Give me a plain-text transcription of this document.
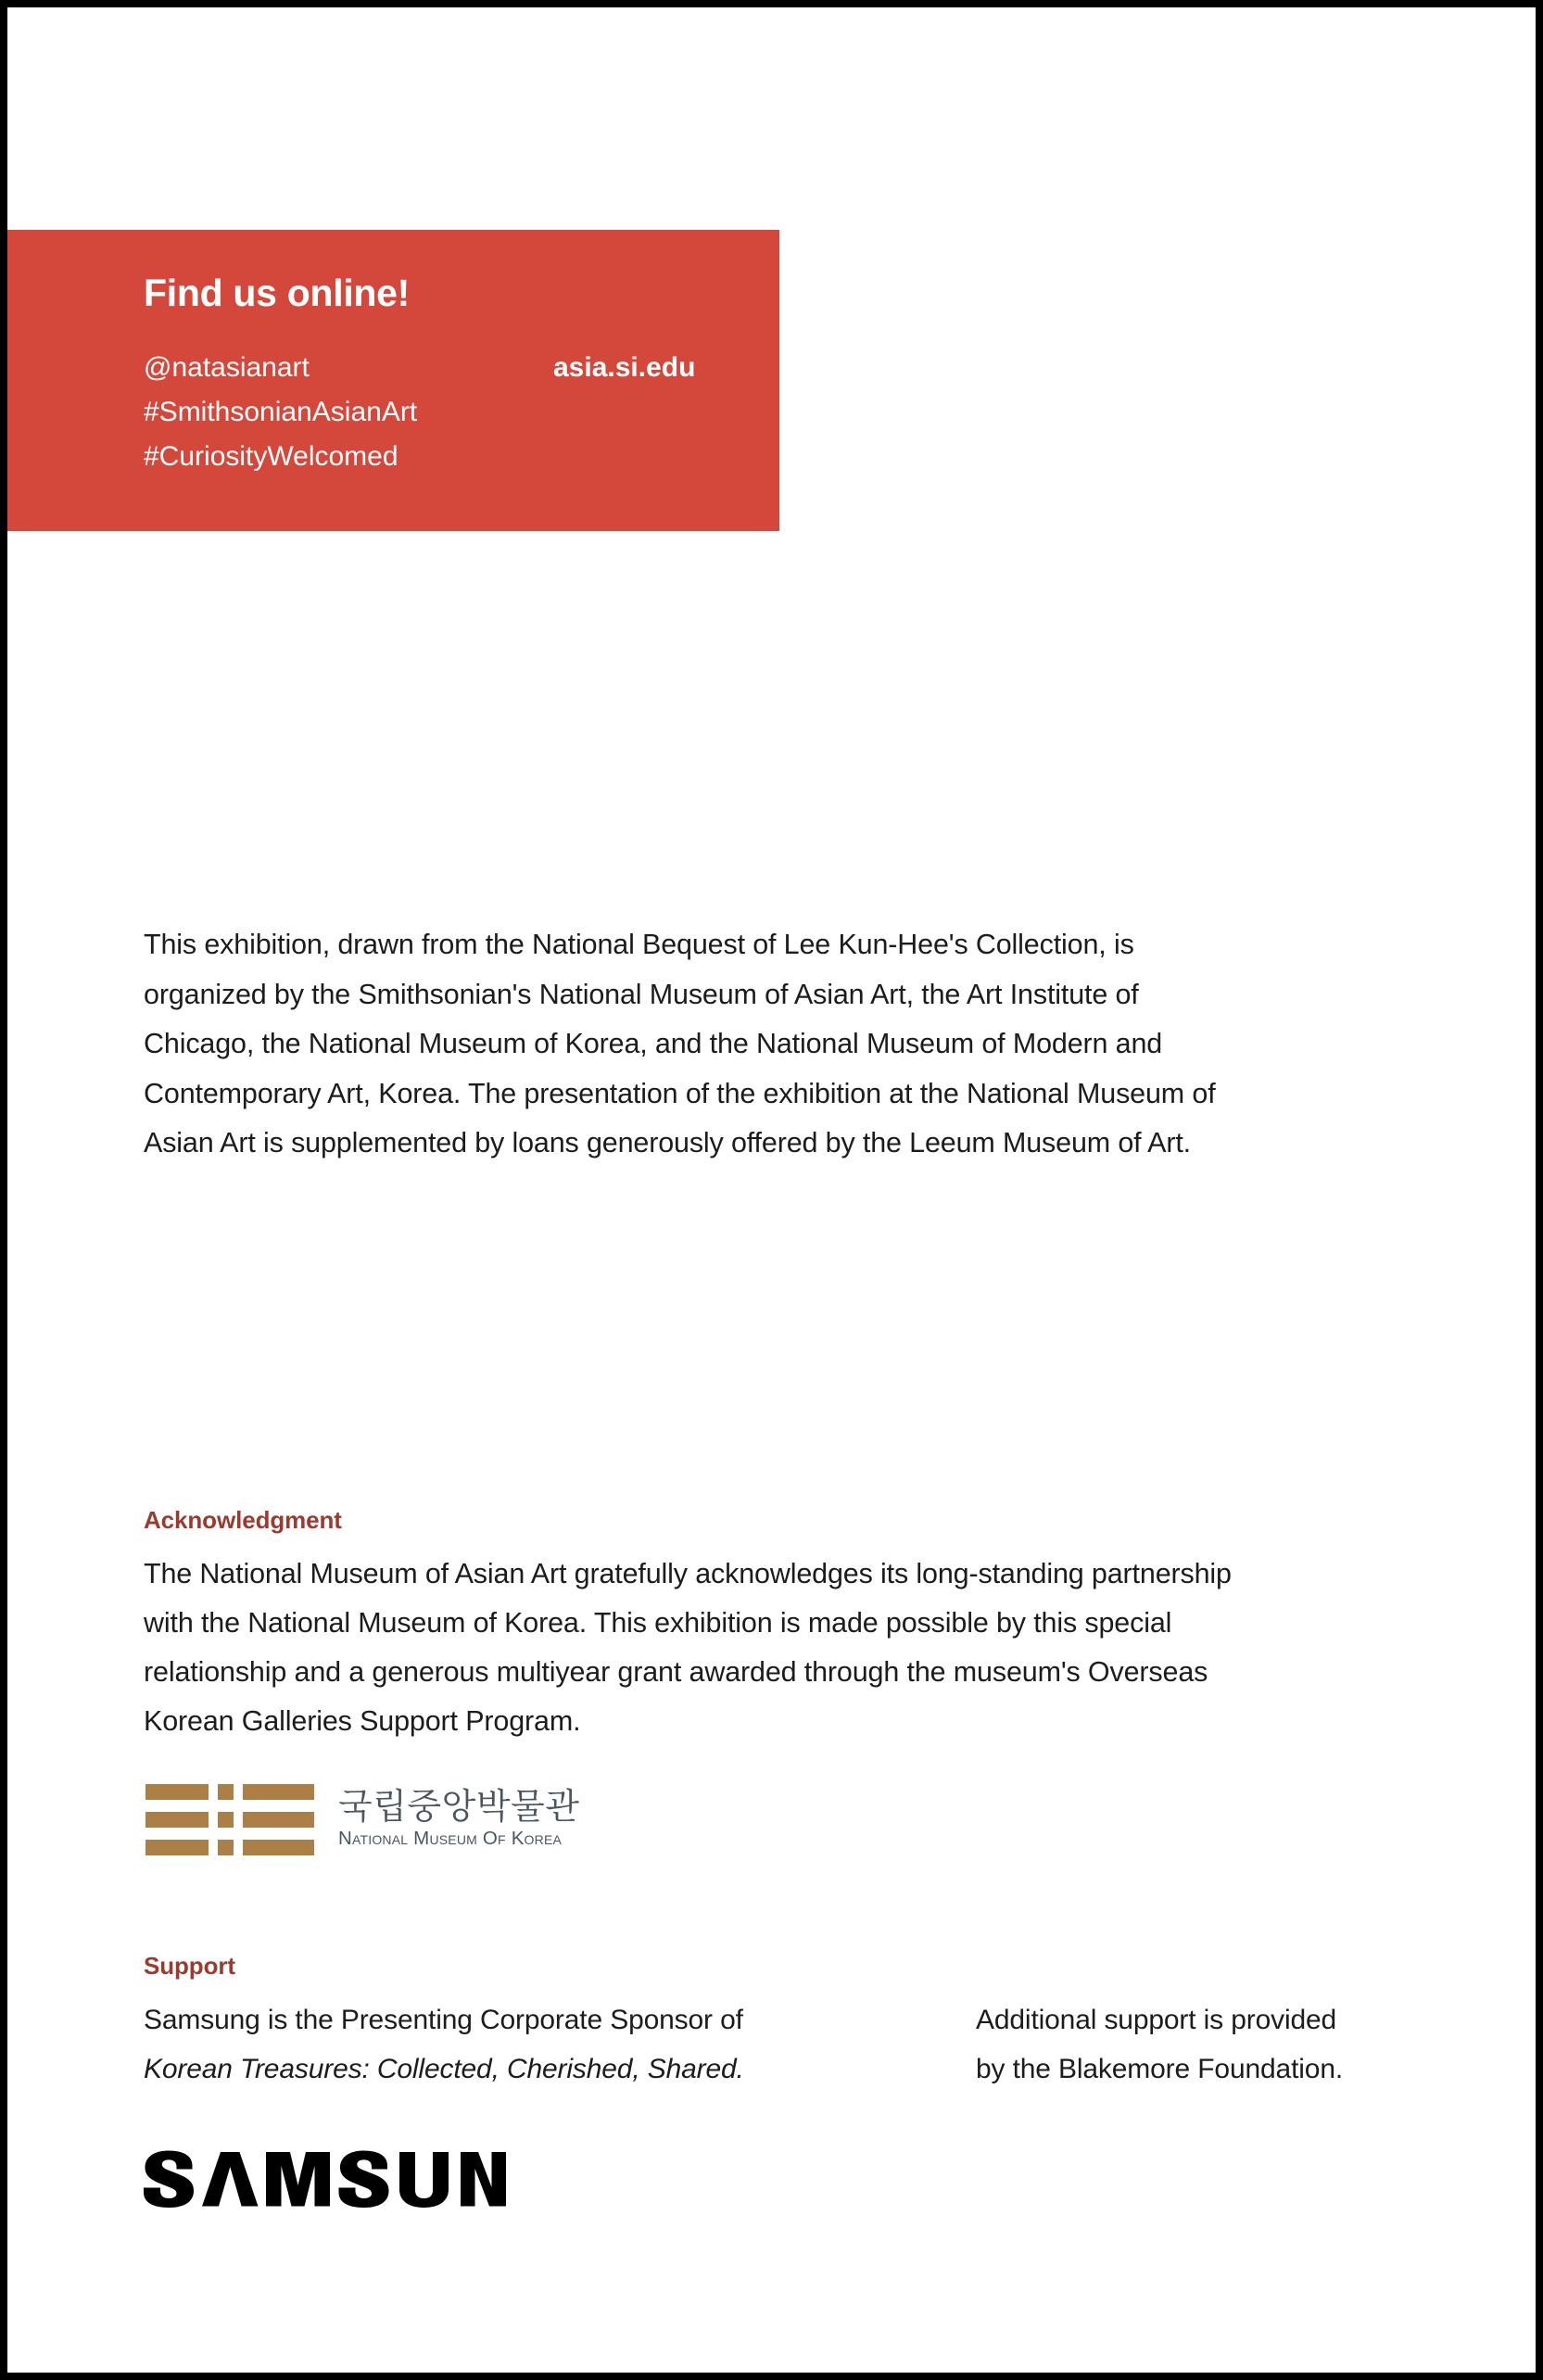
Find us online!
@natasianart
#SmithsonianAsianArt
#CuriosityWelcomed
asia.si.edu

This exhibition, drawn from the National Bequest of Lee Kun-Hee's Collection, is organized by the Smithsonian's National Museum of Asian Art, the Art Institute of Chicago, the National Museum of Korea, and the National Museum of Modern and Contemporary Art, Korea. The presentation of the exhibition at the National Museum of Asian Art is supplemented by loans generously offered by the Leeum Museum of Art.

Acknowledgment
The National Museum of Asian Art gratefully acknowledges its long-standing partnership with the National Museum of Korea. This exhibition is made possible by this special relationship and a generous multiyear grant awarded through the museum's Overseas Korean Galleries Support Program.
국립중앙박물관
National Museum Of Korea
Support
Samsung is the Presenting Corporate Sponsor of
Korean Treasures: Collected, Cherished, Shared.
Additional support is provided
by the Blakemore Foundation.
